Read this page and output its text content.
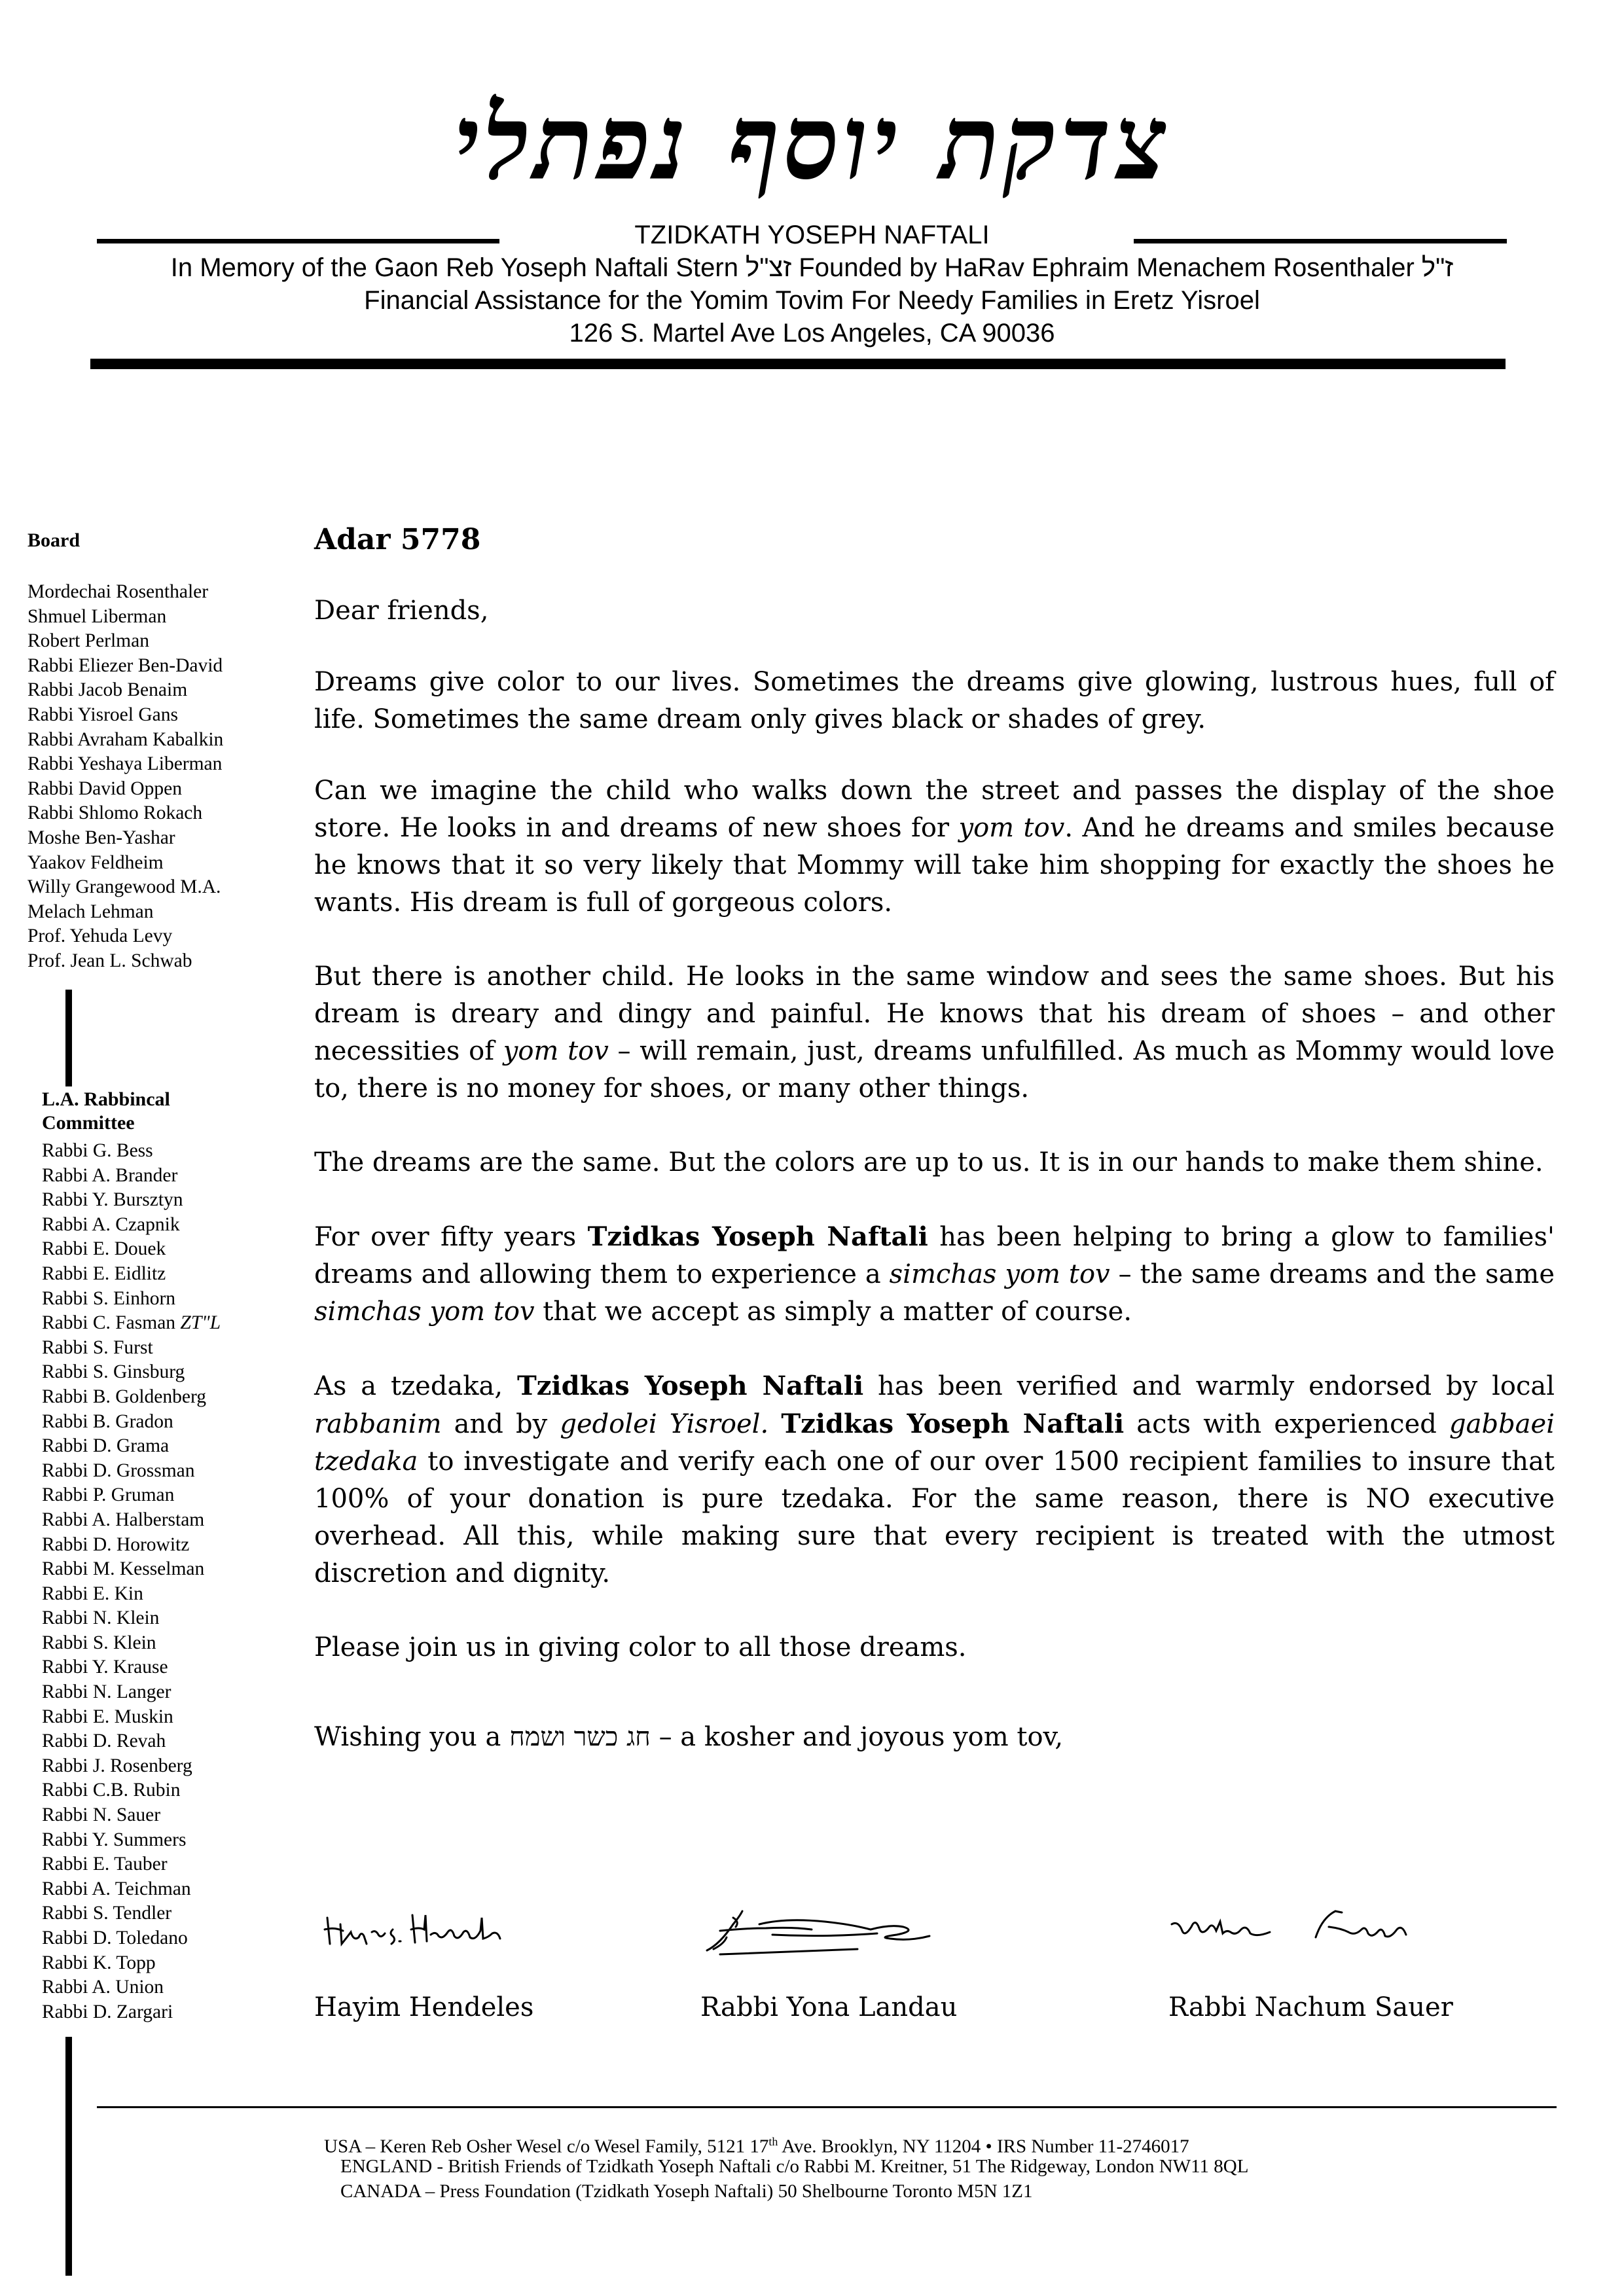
צדקת יוסף נפתלי
TZIDKATH YOSEPH NAFTALI
In Memory of the Gaon Reb Yoseph Naftali Stern זצ"ל Founded by HaRav Ephraim Menachem Rosenthaler ז"ל
Financial Assistance for the Yomim Tovim For Needy Families in Eretz Yisroel
126 S. Martel Ave Los Angeles, CA 90036
Board
Mordechai Rosenthaler
Shmuel Liberman
Robert Perlman
Rabbi Eliezer Ben-David
Rabbi Jacob Benaim
Rabbi Yisroel Gans
Rabbi Avraham Kabalkin
Rabbi Yeshaya Liberman
Rabbi David Oppen
Rabbi Shlomo Rokach
Moshe Ben-Yashar
Yaakov Feldheim
Willy Grangewood M.A.
Melach Lehman
Prof. Yehuda Levy
Prof. Jean L. Schwab
L.A. Rabbincal
Committee
Rabbi G. Bess
Rabbi A. Brander
Rabbi Y. Bursztyn
Rabbi A. Czapnik
Rabbi E. Douek
Rabbi E. Eidlitz
Rabbi S. Einhorn
Rabbi C. Fasman ZT"L
Rabbi S. Furst
Rabbi S. Ginsburg
Rabbi B. Goldenberg
Rabbi B. Gradon
Rabbi D. Grama
Rabbi D. Grossman
Rabbi P. Gruman
Rabbi A. Halberstam
Rabbi D. Horowitz
Rabbi M. Kesselman
Rabbi E. Kin
Rabbi N. Klein
Rabbi S. Klein
Rabbi Y. Krause
Rabbi N. Langer
Rabbi E. Muskin
Rabbi D. Revah
Rabbi J. Rosenberg
Rabbi C.B. Rubin
Rabbi N. Sauer
Rabbi Y. Summers
Rabbi E. Tauber
Rabbi A. Teichman
Rabbi S. Tendler
Rabbi D. Toledano
Rabbi K. Topp
Rabbi A. Union
Rabbi D. Zargari

Adar 5778

Dear friends,

Dreams give color to our lives. Sometimes the dreams give glowing, lustrous hues, full of life. Sometimes the same dream only gives black or shades of grey.

Can we imagine the child who walks down the street and passes the display of the shoe store. He looks in and dreams of new shoes for yom tov. And he dreams and smiles because he knows that it so very likely that Mommy will take him shopping for exactly the shoes he wants. His dream is full of gorgeous colors.

But there is another child. He looks in the same window and sees the same shoes. But his dream is dreary and dingy and painful. He knows that his dream of shoes – and other necessities of yom tov – will remain, just, dreams unfulfilled. As much as Mommy would love to, there is no money for shoes, or many other things.

The dreams are the same. But the colors are up to us. It is in our hands to make them shine.

For over fifty years Tzidkas Yoseph Naftali has been helping to bring a glow to families' dreams and allowing them to experience a simchas yom tov – the same dreams and the same simchas yom tov that we accept as simply a matter of course.

As a tzedaka, Tzidkas Yoseph Naftali has been verified and warmly endorsed by local rabbanim and by gedolei Yisroel. Tzidkas Yoseph Naftali acts with experienced gabbaei tzedaka to investigate and verify each one of our over 1500 recipient families to insure that 100% of your donation is pure tzedaka. For the same reason, there is NO executive overhead. All this, while making sure that every recipient is treated with the utmost discretion and dignity.

Please join us in giving color to all those dreams.

Wishing you a חג כשר ושמח – a kosher and joyous yom tov,

Hayim Hendeles	Rabbi Yona Landau	Rabbi Nachum Sauer
USA – Keren Reb Osher Wesel c/o Wesel Family, 5121 17th Ave. Brooklyn, NY 11204 • IRS Number 11-2746017
ENGLAND - British Friends of Tzidkath Yoseph Naftali c/o Rabbi M. Kreitner, 51 The Ridgeway, London NW11 8QL
CANADA – Press Foundation (Tzidkath Yoseph Naftali) 50 Shelbourne Toronto M5N 1Z1
